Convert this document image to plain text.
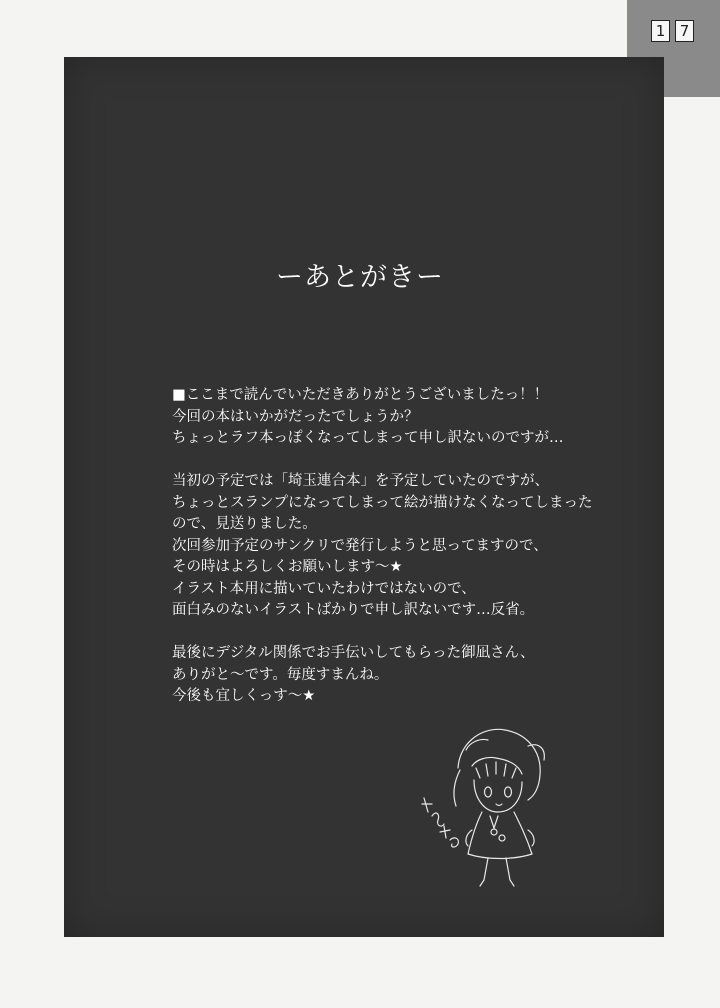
1 7
ーあとがきー
■ここまで読んでいただきありがとうございましたっ！！
今回の本はいかがだったでしょうか？
ちょっとラフ本っぽくなってしまって申し訳ないのですが…
当初の予定では「埼玉連合本」を予定していたのですが、
ちょっとスランプになってしまって絵が描けなくなってしまった
ので、見送りました。
次回参加予定のサンクリで発行しようと思ってますので、
その時はよろしくお願いします～★
イラスト本用に描いていたわけではないので、
面白みのないイラストばかりで申し訳ないです…反省。
最後にデジタル関係でお手伝いしてもらった御凪さん、
ありがと～です。毎度すまんね。
今後も宜しくっす～★
